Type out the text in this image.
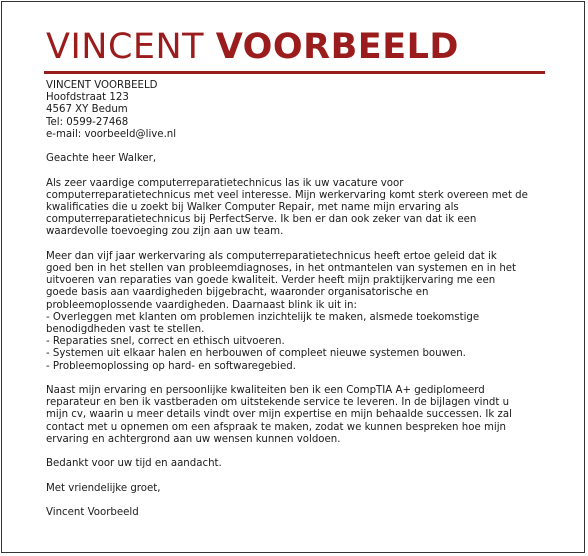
VINCENT VOORBEELD
VINCENT VOORBEELD
Hoofdstraat 123
4567 XY Bedum
Tel: 0599-27468
e-mail: voorbeeld@live.nl
Geachte heer Walker,
Als zeer vaardige computerreparatietechnicus las ik uw vacature voor
computerreparatietechnicus met veel interesse. Mijn werkervaring komt sterk overeen met de
kwalificaties die u zoekt bij Walker Computer Repair, met name mijn ervaring als
computerreparatietechnicus bij PerfectServe. Ik ben er dan ook zeker van dat ik een
waardevolle toevoeging zou zijn aan uw team.
Meer dan vijf jaar werkervaring als computerreparatietechnicus heeft ertoe geleid dat ik
goed ben in het stellen van probleemdiagnoses, in het ontmantelen van systemen en in het
uitvoeren van reparaties van goede kwaliteit. Verder heeft mijn praktijkervaring me een
goede basis aan vaardigheden bijgebracht, waaronder organisatorische en
probleemoplossende vaardigheden. Daarnaast blink ik uit in:
- Overleggen met klanten om problemen inzichtelijk te maken, alsmede toekomstige
benodigdheden vast te stellen.
- Reparaties snel, correct en ethisch uitvoeren.
- Systemen uit elkaar halen en herbouwen of compleet nieuwe systemen bouwen.
- Probleemoplossing op hard- en softwaregebied.
Naast mijn ervaring en persoonlijke kwaliteiten ben ik een CompTIA A+ gediplomeerd
reparateur en ben ik vastberaden om uitstekende service te leveren. In de bijlagen vindt u
mijn cv, waarin u meer details vindt over mijn expertise en mijn behaalde successen. Ik zal
contact met u opnemen om een afspraak te maken, zodat we kunnen bespreken hoe mijn
ervaring en achtergrond aan uw wensen kunnen voldoen.
Bedankt voor uw tijd en aandacht.
Met vriendelijke groet,
Vincent Voorbeeld
